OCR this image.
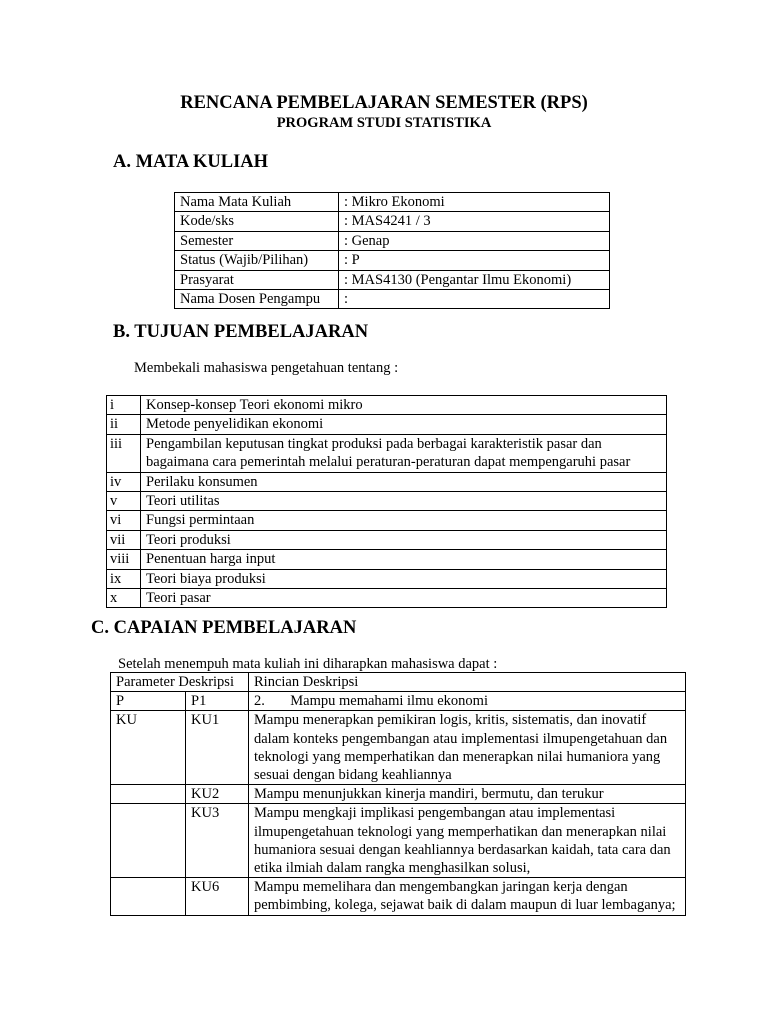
RENCANA PEMBELAJARAN SEMESTER (RPS)
PROGRAM STUDI STATISTIKA
A. MATA KULIAH
Nama Mata Kuliah	: Mikro Ekonomi
Kode/sks	: MAS4241 / 3
Semester	: Genap
Status (Wajib/Pilihan)	: P
Prasyarat	: MAS4130 (Pengantar Ilmu Ekonomi)
Nama Dosen Pengampu	:
B. TUJUAN PEMBELAJARAN
Membekali mahasiswa pengetahuan tentang :
i	Konsep-konsep Teori ekonomi mikro
ii	Metode penyelidikan ekonomi
iii	Pengambilan keputusan tingkat produksi pada berbagai karakteristik pasar dan bagaimana cara pemerintah melalui peraturan-peraturan dapat mempengaruhi pasar
iv	Perilaku konsumen
v	Teori utilitas
vi	Fungsi permintaan
vii	Teori produksi
viii	Penentuan harga input
ix	Teori biaya produksi
x	Teori pasar
C. CAPAIAN PEMBELAJARAN
Setelah menempuh mata kuliah ini diharapkan mahasiswa dapat :
Parameter Deskripsi		Rincian Deskripsi
P	P1	2.       Mampu memahami ilmu ekonomi
KU	KU1	Mampu menerapkan pemikiran logis, kritis, sistematis, dan inovatif dalam konteks pengembangan atau implementasi ilmupengetahuan dan teknologi yang memperhatikan dan menerapkan nilai humaniora yang sesuai dengan bidang keahliannya
	KU2	Mampu menunjukkan kinerja mandiri, bermutu, dan terukur
	KU3	Mampu mengkaji implikasi pengembangan atau implementasi ilmupengetahuan teknologi yang memperhatikan dan menerapkan nilai humaniora sesuai dengan keahliannya berdasarkan kaidah, tata cara dan etika ilmiah dalam rangka menghasilkan solusi,
	KU6	Mampu memelihara dan mengembangkan jaringan kerja dengan pembimbing, kolega, sejawat baik di dalam maupun di luar lembaganya;
